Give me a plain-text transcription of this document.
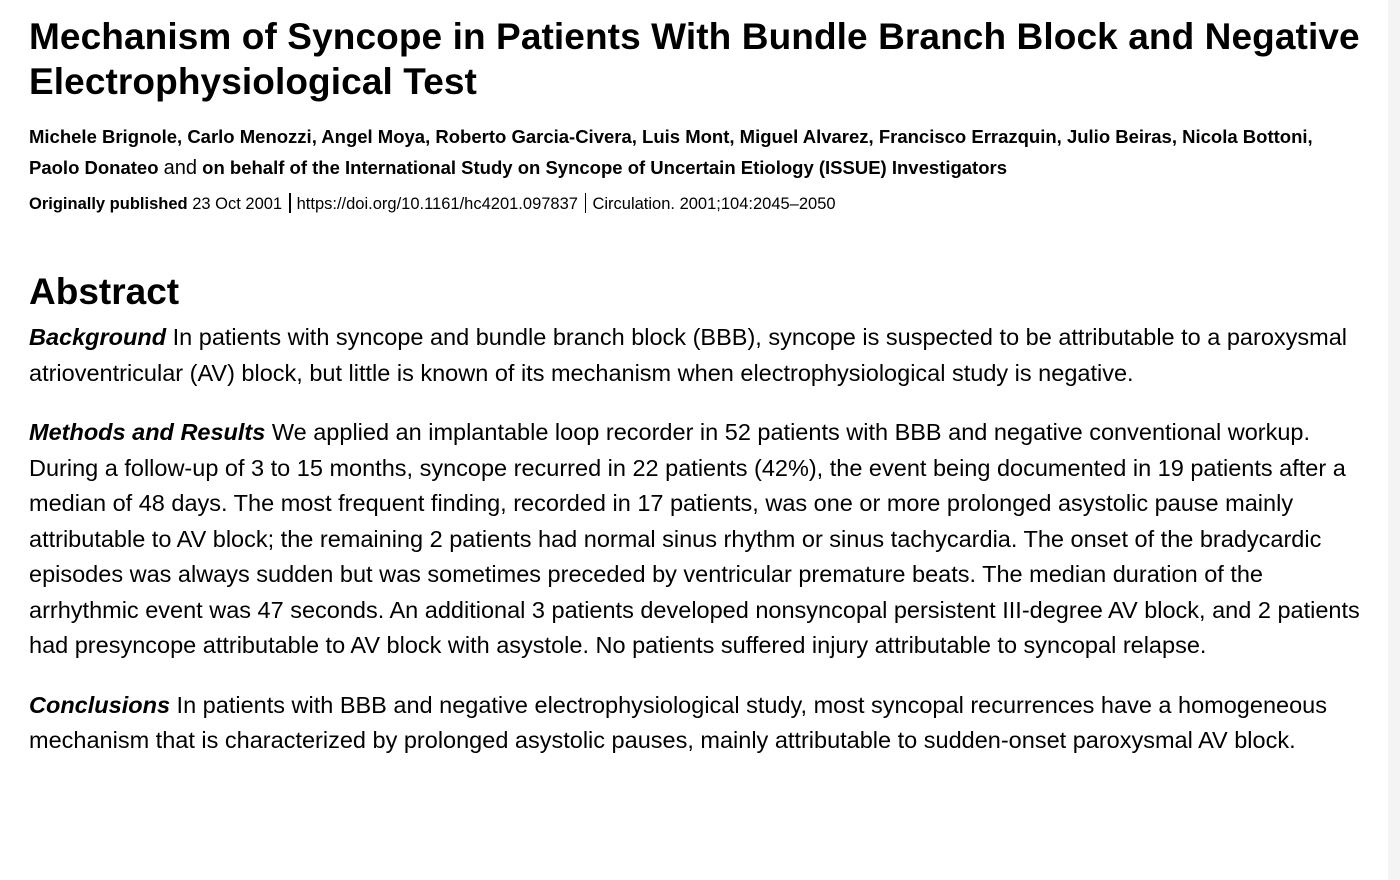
Mechanism of Syncope in Patients With Bundle Branch Block and Negative Electrophysiological Test
Michele Brignole, Carlo Menozzi, Angel Moya, Roberto Garcia-Civera, Luis Mont, Miguel Alvarez, Francisco Errazquin, Julio Beiras, Nicola Bottoni, Paolo Donateo and on behalf of the International Study on Syncope of Uncertain Etiology (ISSUE) Investigators
Originally published 23 Oct 2001 https://doi.org/10.1161/hc4201.097837 Circulation. 2001;104:2045–2050
Abstract
Background In patients with syncope and bundle branch block (BBB), syncope is suspected to be attributable to a paroxysmal atrioventricular (AV) block, but little is known of its mechanism when electrophysiological study is negative.
Methods and Results We applied an implantable loop recorder in 52 patients with BBB and negative conventional workup. During a follow-up of 3 to 15 months, syncope recurred in 22 patients (42%), the event being documented in 19 patients after a median of 48 days. The most frequent finding, recorded in 17 patients, was one or more prolonged asystolic pause mainly attributable to AV block; the remaining 2 patients had normal sinus rhythm or sinus tachycardia. The onset of the bradycardic episodes was always sudden but was sometimes preceded by ventricular premature beats. The median duration of the arrhythmic event was 47 seconds. An additional 3 patients developed nonsyncopal persistent III-degree AV block, and 2 patients had presyncope attributable to AV block with asystole. No patients suffered injury attributable to syncopal relapse.
Conclusions In patients with BBB and negative electrophysiological study, most syncopal recurrences have a homogeneous mechanism that is characterized by prolonged asystolic pauses, mainly attributable to sudden-onset paroxysmal AV block.
